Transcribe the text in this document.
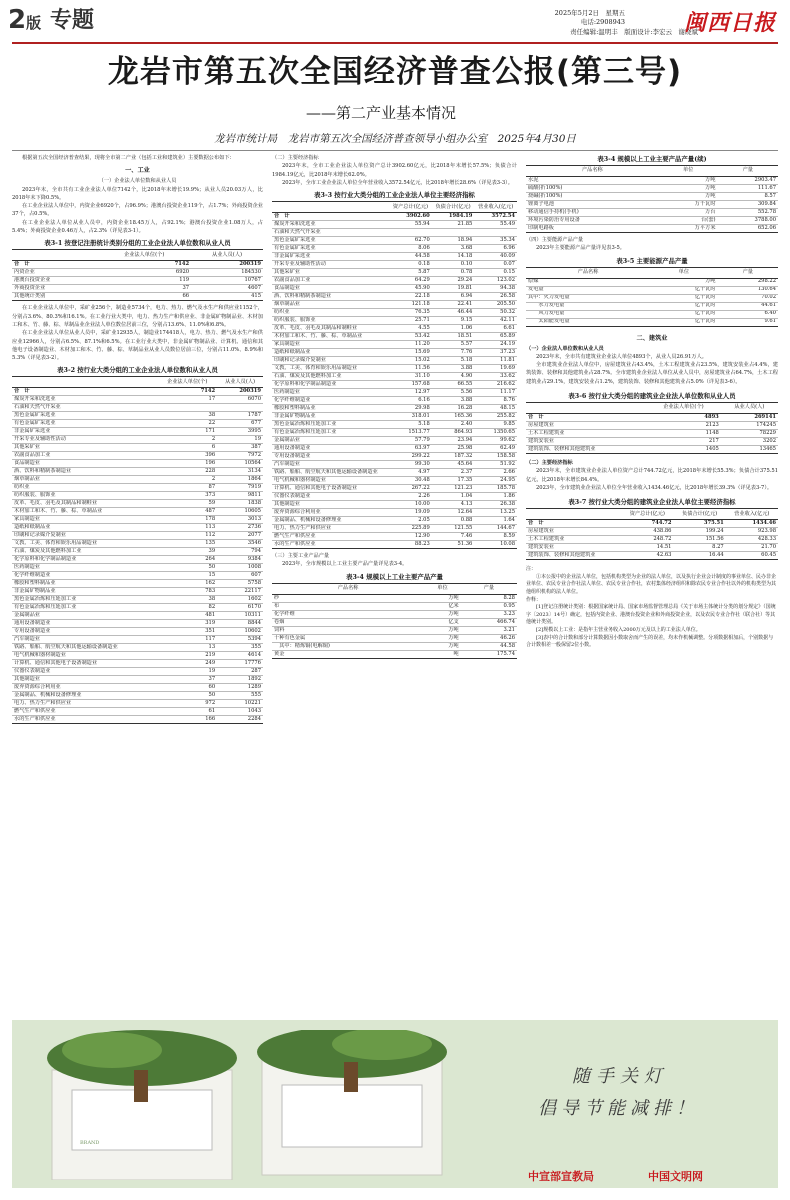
2版 专题	2025年5月2日　星期五
电话:2908943
责任编辑:温明丰　版面设计:李宏云　谢晓斌
闽西日报
龙岩市第五次全国经济普查公报(第三号)
——第二产业基本情况
龙岩市统计局　龙岩市第五次全国经济普查领导小组办公室　2025年4月30日
根据第五次全国经济普查结果，现将全市第二产业（包括工业和建筑业）主要数据公布如下：
一、工业
（一）企业法人单位数和从业人员
2023年末，全市共有工业企业法人单位7142个，比2018年末增长19.9%；从业人员20.03万人，比2018年末下降0.5%。
在工业企业法人单位中，内资企业6920个，占96.9%；港澳台投资企业119个，占1.7%；外商投资企业37个，占0.5%。
在工业企业法人单位从业人员中，内资企业18.45万人，占92.1%；港澳台投资企业1.08万人，占5.4%；外商投资企业0.46万人，占2.3%（详见表3-1）。
表3-1 按登记注册统计类别分组的工业企业法人单位数和从业人员
	企业法人单位(个)	从业人员(人)
合　计	7142	200319
内资企业	6920	184530
港澳台投资企业	119	10767
外商投资企业	37	4607
其他统计类别	66	415
在工业企业法人单位中，采矿业256个，制造业5734个，电力、热力、燃气及水生产和供应业1152个，分别占3.6%、80.3%和16.1%。在工业行业大类中，电力、热力生产和供应业、非金属矿物制品业、木材加工和木、竹、藤、棕、草制品业企业法人单位数位居前三位，分别占13.6%、11.0%和6.8%。
在工业企业法人单位从业人员中，采矿业12935人，制造业174418人，电力、热力、燃气及水生产和供应业12966人，分别占6.5%、87.1%和6.5%。在工业行业大类中，非金属矿物制品业、计算机、通信和其他电子设备制造业、木材加工和木、竹、藤、棕、草制品业从业人员数位居前三位，分别占11.0%、8.9%和5.3%（详见表3-2）。
表3-2 按行业大类分组的工业企业法人单位数和从业人员
	企业法人单位(个)	从业人员(人)
合　计	7142	200319
煤炭开采和洗选业	17	6070
石油和天然气开采业		
黑色金属矿采选业	38	1787
有色金属矿采选业	22	677
非金属矿采选业	171	3995
开采专业及辅助性活动	2	19
其他采矿业	6	387
农副食品加工业	396	7972
食品制造业	196	10564
酒、饮料和精制茶制造业	228	3134
烟草制品业	2	1864
纺织业	87	7919
纺织服装、服饰业	373	9811
皮革、毛皮、羽毛及其制品和制鞋业	59	1838
木材加工和木、竹、藤、棕、草制品业	487	10605
家具制造业	178	3013
造纸和纸制品业	113	2736
印刷和记录媒介复制业	112	2077
文教、工美、体育和娱乐用品制造业	135	3546
石油、煤炭及其他燃料加工业	39	794
化学原料和化学制品制造业	264	9384
医药制造业	50	1008
化学纤维制造业	15	607
橡胶和塑料制品业	162	5758
非金属矿物制品业	783	22117
黑色金属冶炼和压延加工业	38	1602
有色金属冶炼和压延加工业	82	6170
金属制品业	481	10311
通用设备制造业	319	8844
专用设备制造业	351	10602
汽车制造业	117	5394
铁路、船舶、航空航天和其他运输设备制造业	13	355
电气机械和器材制造业	219	4614
计算机、通信和其他电子设备制造业	249	17776
仪器仪表制造业	19	287
其他制造业	37	1892
废弃资源综合利用业	60	1289
金属制品、机械和设备修理业	50	555
电力、热力生产和供应业	972	10221
燃气生产和供应业	61	1043
水的生产和供应业	166	2284
（二）主要经济指标
2023年末，全市工业企业法人单位资产总计3902.60亿元，比2018年末增长57.5%；负债合计1984.19亿元，比2018年末增长62.0%。
2023年，全市工业企业法人单位全年营业收入3572.54亿元，比2018年增长28.6%（详见表3-3）。
表3-3 按行业大类分组的工业企业法人单位主要经济指标
	资产总计(亿元)	负债合计(亿元)	营业收入(亿元)
合　计	3902.60	1984.19	3572.54
煤炭开采和洗选业	55.94	21.85	55.49
石油和天然气开采业			
黑色金属矿采选业	62.70	18.94	35.34
有色金属矿采选业	8.06	3.68	6.96
非金属矿采选业	44.58	14.18	40.09
开采专业及辅助性活动	0.18	0.10	0.07
其他采矿业	5.87	0.78	0.15
农副食品加工业	64.29	29.24	123.02
食品制造业	45.90	19.81	94.38
酒、饮料和精制茶制造业	22.18	6.94	26.58
烟草制品业	121.18	22.41	205.50
纺织业	76.35	46.44	50.32
纺织服装、服饰业	25.71	9.15	42.11
皮革、毛皮、羽毛及其制品和制鞋业	4.55	1.06	6.61
木材加工和木、竹、藤、棕、草制品业	53.42	18.51	65.89
家具制造业	11.20	5.57	24.19
造纸和纸制品业	15.69	7.76	37.23
印刷和记录媒介复制业	15.02	5.18	11.81
文教、工美、体育和娱乐用品制造业	11.56	3.88	19.69
石油、煤炭及其他燃料加工业	31.10	4.90	33.62
化学原料和化学制品制造业	157.68	66.55	216.62
医药制造业	12.97	5.56	11.17
化学纤维制造业	6.16	3.88	8.76
橡胶和塑料制品业	29.98	16.28	48.15
非金属矿物制品业	318.01	165.36	255.82
黑色金属冶炼和压延加工业	5.18	2.40	9.85
有色金属冶炼和压延加工业	1513.77	864.93	1350.65
金属制品业	57.79	23.94	99.62
通用设备制造业	63.97	25.98	62.49
专用设备制造业	299.22	187.32	158.58
汽车制造业	99.30	45.64	51.92
铁路、船舶、航空航天和其他运输设备制造业	4.97	2.37	2.66
电气机械和器材制造业	30.48	17.35	24.95
计算机、通信和其他电子设备制造业	267.22	121.23	185.78
仪器仪表制造业	2.26	1.04	1.86
其他制造业	10.00	4.13	26.38
废弃资源综合利用业	19.09	12.64	13.25
金属制品、机械和设备修理业	2.05	0.88	1.64
电力、热力生产和供应业	225.89	121.55	144.67
燃气生产和供应业	12.90	7.46	8.59
水的生产和供应业	88.23	51.36	10.08
（三）主要工业产品产量
2023年，全市规模以上工业主要产品产量详见表3-4。
表3-4 规模以上工业主要产品产量
产品名称	单位	产量
纱	万吨	8.28
布	亿米	0.95
化学纤维	万吨	3.23
卷烟	亿支	466.74
饲料	万吨	3.21
十种有色金属	万吨	46.26
　其中：精炼铜(电解铜)	万吨	44.58
黄金	吨	175.74
表3-4 规模以上工业主要产品产量(续)
产品名称	单位	产量
水泥	万吨	2903.47
硫酸(折100%)	万吨	111.67
烧碱(折100%)	万吨	8.57
锂离子电池	万千瓦时	309.84
移动通信手持机(手机)	万台	552.78
环境污染防治专用设备	台(套)	3788.00
印制电路板	万平方米	652.06
（四）主要能源产品产量
2023年主要能源产品产量详见表3-5。
表3-5 主要能源产品产量
产品名称	单位	产量
原煤	万吨	298.22
发电量	亿千瓦时	130.64
其中：火力发电量	亿千瓦时	70.02
　　水力发电量	亿千瓦时	44.61
　　风力发电量	亿千瓦时	6.40
　　太阳能发电量	亿千瓦时	9.61
二、建筑业
（一）企业法人单位数和从业人员
2023年末，全市共有建筑业企业法人单位4893个，从业人员26.91万人。
全市建筑业企业法人单位中，房屋建筑业占43.4%，土木工程建筑业占23.5%，建筑安装业占4.4%，建筑装饰、装修和其他建筑业占28.7%。全市建筑业企业法人单位从业人员中，房屋建筑业占64.7%，土木工程建筑业占29.1%，建筑安装业占1.2%，建筑装饰、装修和其他建筑业占5.0%（详见表3-6）。
表3-6 按行业大类分组的建筑业企业法人单位数和从业人员
	企业法人单位(个)	从业人员(人)
合　计	4893	269141
房屋建筑业	2123	174245
土木工程建筑业	1148	78229
建筑安装业	217	3202
建筑装饰、装修和其他建筑业	1405	13465
（二）主要经济指标
2023年末，全市建筑业企业法人单位资产总计744.72亿元，比2018年末增长55.3%；负债合计375.51亿元，比2018年末增长84.4%。
2023年，全市建筑业企业法人单位全年营业收入1434.46亿元，比2018年增长39.3%（详见表3-7）。
表3-7 按行业大类分组的建筑业企业法人单位主要经济指标
	资产总计(亿元)	负债合计(亿元)	营业收入(亿元)
合　计	744.72	375.51	1434.46
房屋建筑业	438.86	199.24	923.98
土木工程建筑业	248.72	151.56	428.33
建筑安装业	14.51	8.27	21.70
建筑装饰、装修和其他建筑业	42.63	16.44	60.45
注：
①本公报中的企业法人单位，包括机构类型为企业的法人单位，以及执行企业会计制度的事业单位、民办非企业单位、农民专业合作社法人单位、农民专业合作社，农村集体经济组织和除农民专业合作社以外的机构类型为其他组织机构的法人单位。
作释：
[1]登记注册统计类别：根据国家统计局、国家市场监督管理总局《关于市场主体统计分类的划分规定》（国统字〔2023〕14号）确定，包括内资企业、港澳台投资企业和外商投资企业，以及农民专业合作社（联合社）等其他统计类别。
[2]规模以上工业：是指年主营业务收入2000万元及以上的工业法人单位。
[3]表中的合计数和部分计算数据因小数取舍而产生的误差，均未作机械调整。分项数据相加后，个别数据与合计数相差一般保留2位小数。
BRAND
随手关灯
倡导节能减排！
中宣部宣教局	中国文明网
